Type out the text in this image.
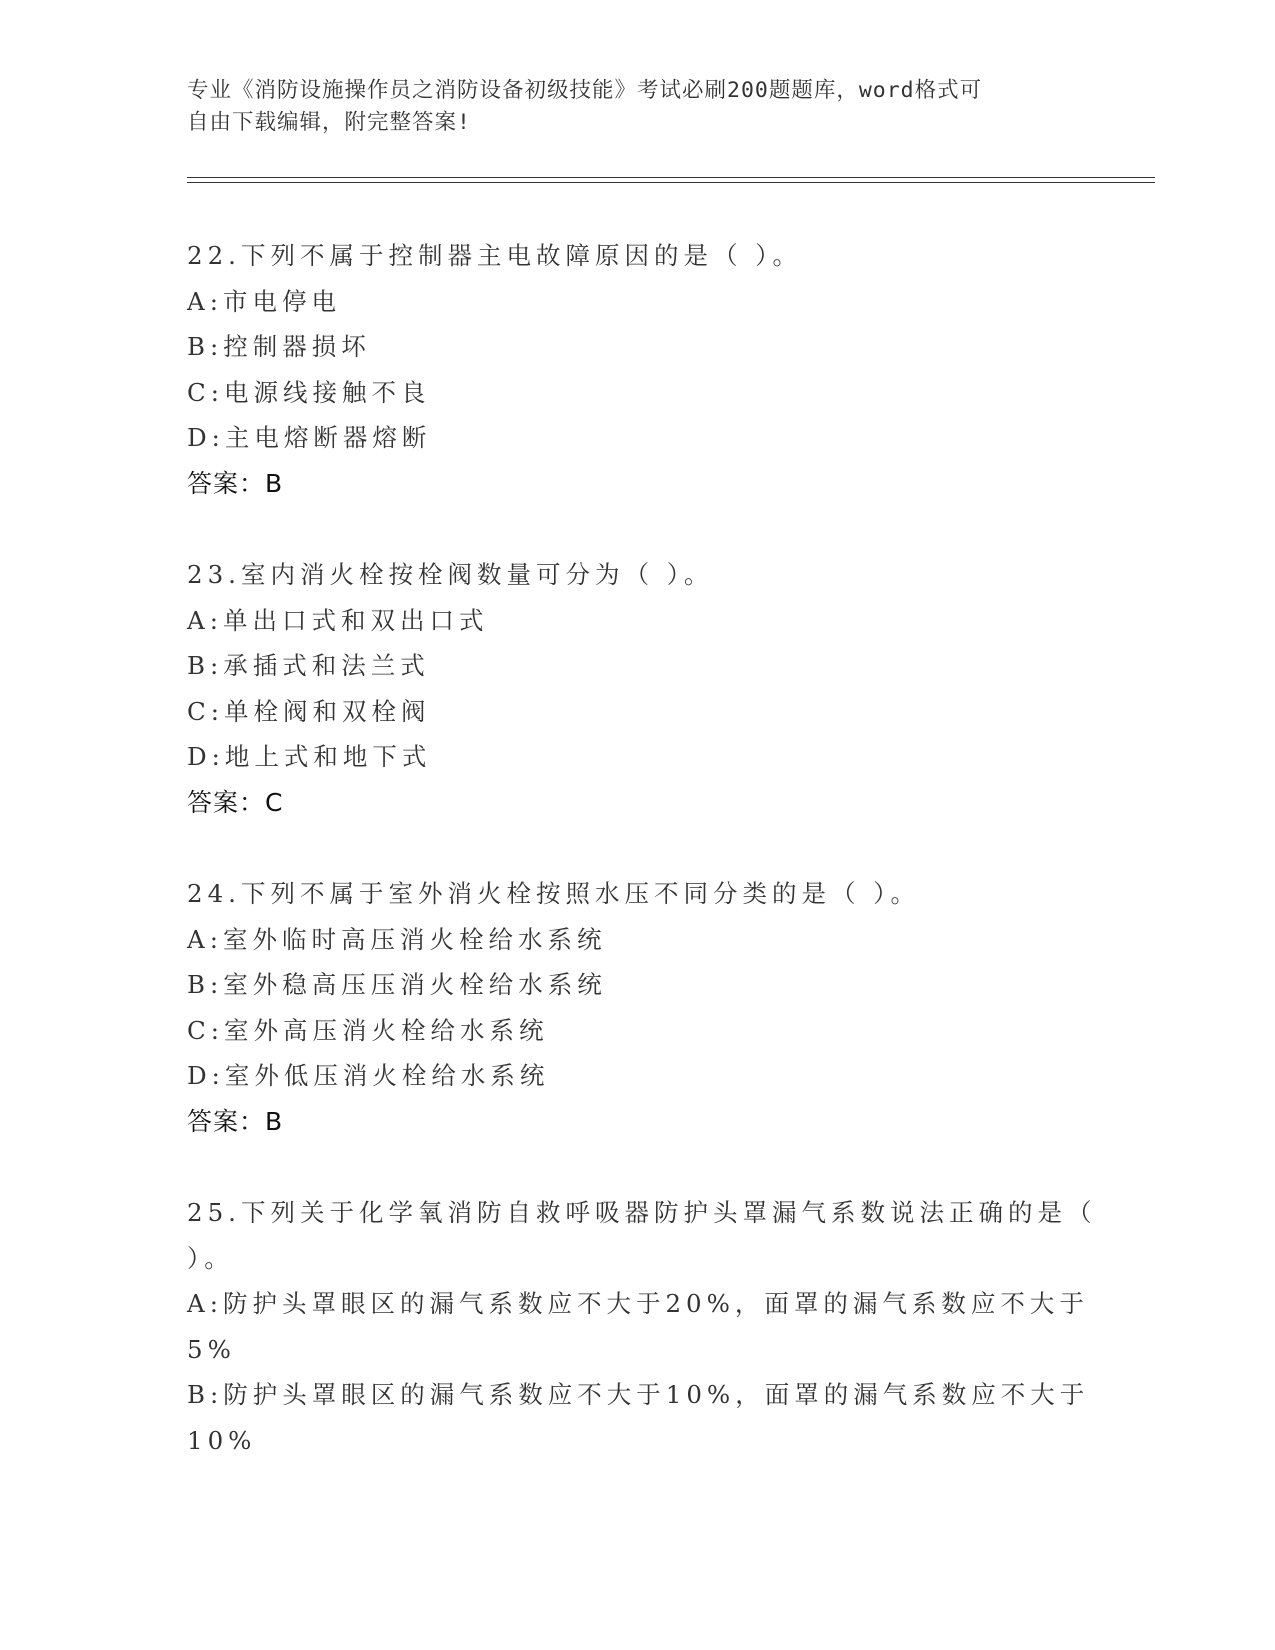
专业《消防设施操作员之消防设备初级技能》考试必刷200题题库，word格式可
自由下载编辑，附完整答案!
22.下列不属于控制器主电故障原因的是（ ）。
A:市电停电
B:控制器损坏
C:电源线接触不良
D:主电熔断器熔断
答案：B
23.室内消火栓按栓阀数量可分为（ ）。
A:单出口式和双出口式
B:承插式和法兰式
C:单栓阀和双栓阀
D:地上式和地下式
答案：C
24.下列不属于室外消火栓按照水压不同分类的是（ ）。
A:室外临时高压消火栓给水系统
B:室外稳高压压消火栓给水系统
C:室外高压消火栓给水系统
D:室外低压消火栓给水系统
答案：B
25.下列关于化学氧消防自救呼吸器防护头罩漏气系数说法正确的是（
）。
A:防护头罩眼区的漏气系数应不大于20%，面罩的漏气系数应不大于
5%
B:防护头罩眼区的漏气系数应不大于10%，面罩的漏气系数应不大于
10%
